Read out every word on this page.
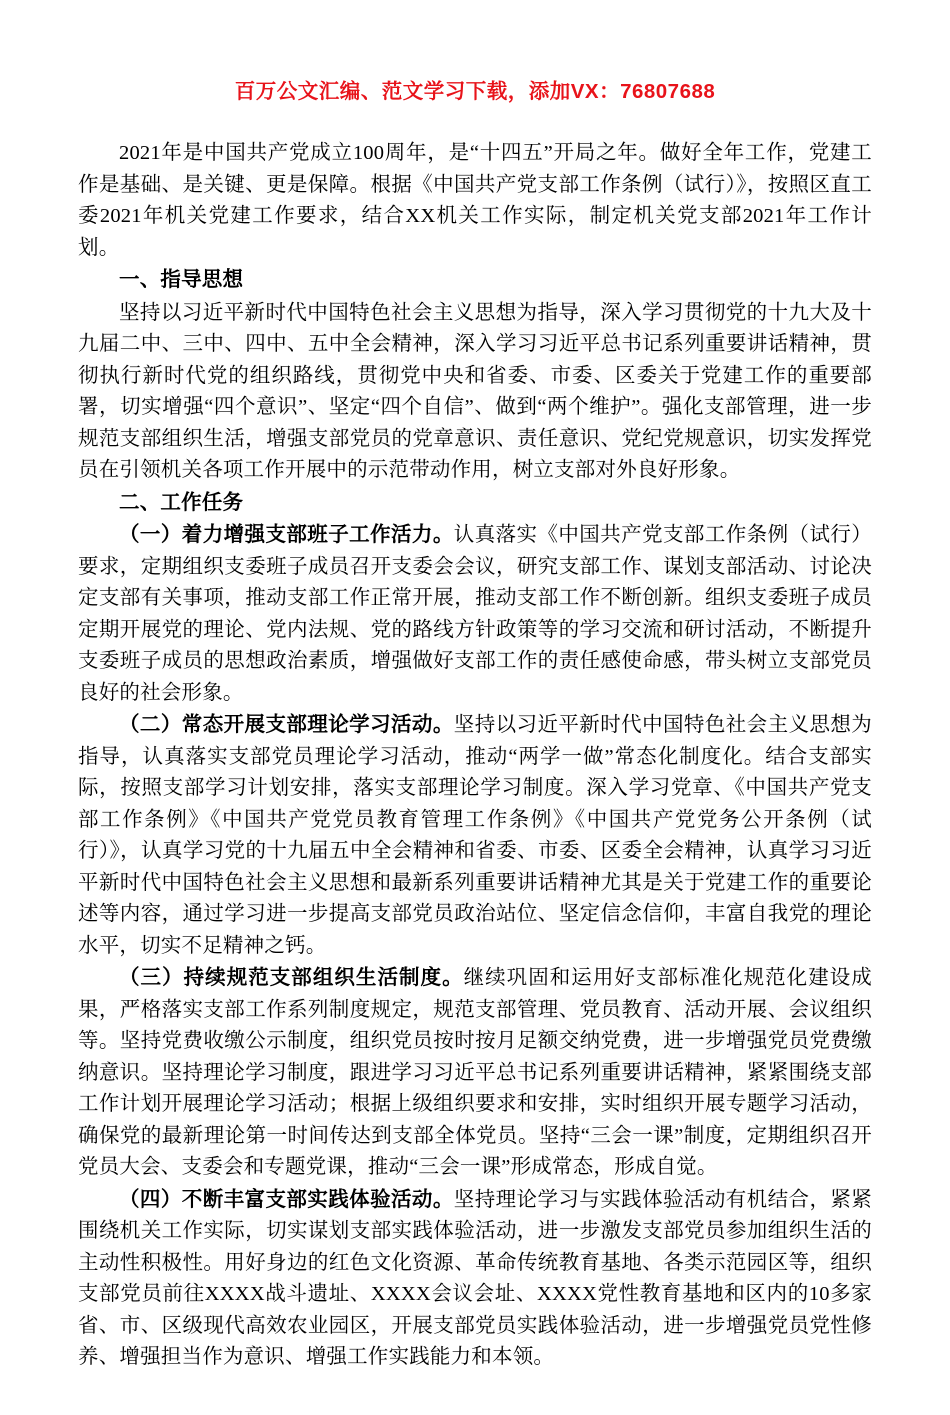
百万公文汇编、范文学习下载，添加VX：76807688

2021年是中国共产党成立100周年，是“十四五”开局之年。做好全年工作，党建工作是基础、是关键、更是保障。根据《中国共产党支部工作条例（试行）》，按照区直工委2021年机关党建工作要求，结合XX机关工作实际，制定机关党支部2021年工作计划。

一、指导思想

坚持以习近平新时代中国特色社会主义思想为指导，深入学习贯彻党的十九大及十九届二中、三中、四中、五中全会精神，深入学习习近平总书记系列重要讲话精神，贯彻执行新时代党的组织路线，贯彻党中央和省委、市委、区委关于党建工作的重要部署，切实增强“四个意识”、坚定“四个自信”、做到“两个维护”。强化支部管理，进一步规范支部组织生活，增强支部党员的党章意识、责任意识、党纪党规意识，切实发挥党员在引领机关各项工作开展中的示范带动作用，树立支部对外良好形象。

二、工作任务

（一）着力增强支部班子工作活力。认真落实《中国共产党支部工作条例（试行）要求，定期组织支委班子成员召开支委会会议，研究支部工作、谋划支部活动、讨论决定支部有关事项，推动支部工作正常开展，推动支部工作不断创新。组织支委班子成员定期开展党的理论、党内法规、党的路线方针政策等的学习交流和研讨活动，不断提升支委班子成员的思想政治素质，增强做好支部工作的责任感使命感，带头树立支部党员良好的社会形象。

（二）常态开展支部理论学习活动。坚持以习近平新时代中国特色社会主义思想为指导，认真落实支部党员理论学习活动，推动“两学一做”常态化制度化。结合支部实际，按照支部学习计划安排，落实支部理论学习制度。深入学习党章、《中国共产党支部工作条例》《中国共产党党员教育管理工作条例》《中国共产党党务公开条例（试行）》，认真学习党的十九届五中全会精神和省委、市委、区委全会精神，认真学习习近平新时代中国特色社会主义思想和最新系列重要讲话精神尤其是关于党建工作的重要论述等内容，通过学习进一步提高支部党员政治站位、坚定信念信仰，丰富自我党的理论水平，切实不足精神之钙。

（三）持续规范支部组织生活制度。继续巩固和运用好支部标准化规范化建设成果，严格落实支部工作系列制度规定，规范支部管理、党员教育、活动开展、会议组织等。坚持党费收缴公示制度，组织党员按时按月足额交纳党费，进一步增强党员党费缴纳意识。坚持理论学习制度，跟进学习习近平总书记系列重要讲话精神，紧紧围绕支部工作计划开展理论学习活动；根据上级组织要求和安排，实时组织开展专题学习活动，确保党的最新理论第一时间传达到支部全体党员。坚持“三会一课”制度，定期组织召开党员大会、支委会和专题党课，推动“三会一课”形成常态，形成自觉。

（四）不断丰富支部实践体验活动。坚持理论学习与实践体验活动有机结合，紧紧围绕机关工作实际，切实谋划支部实践体验活动，进一步激发支部党员参加组织生活的主动性积极性。用好身边的红色文化资源、革命传统教育基地、各类示范园区等，组织支部党员前往XXXX战斗遗址、XXXX会议会址、XXXX党性教育基地和区内的10多家省、市、区级现代高效农业园区，开展支部党员实践体验活动，进一步增强党员党性修养、增强担当作为意识、增强工作实践能力和本领。
